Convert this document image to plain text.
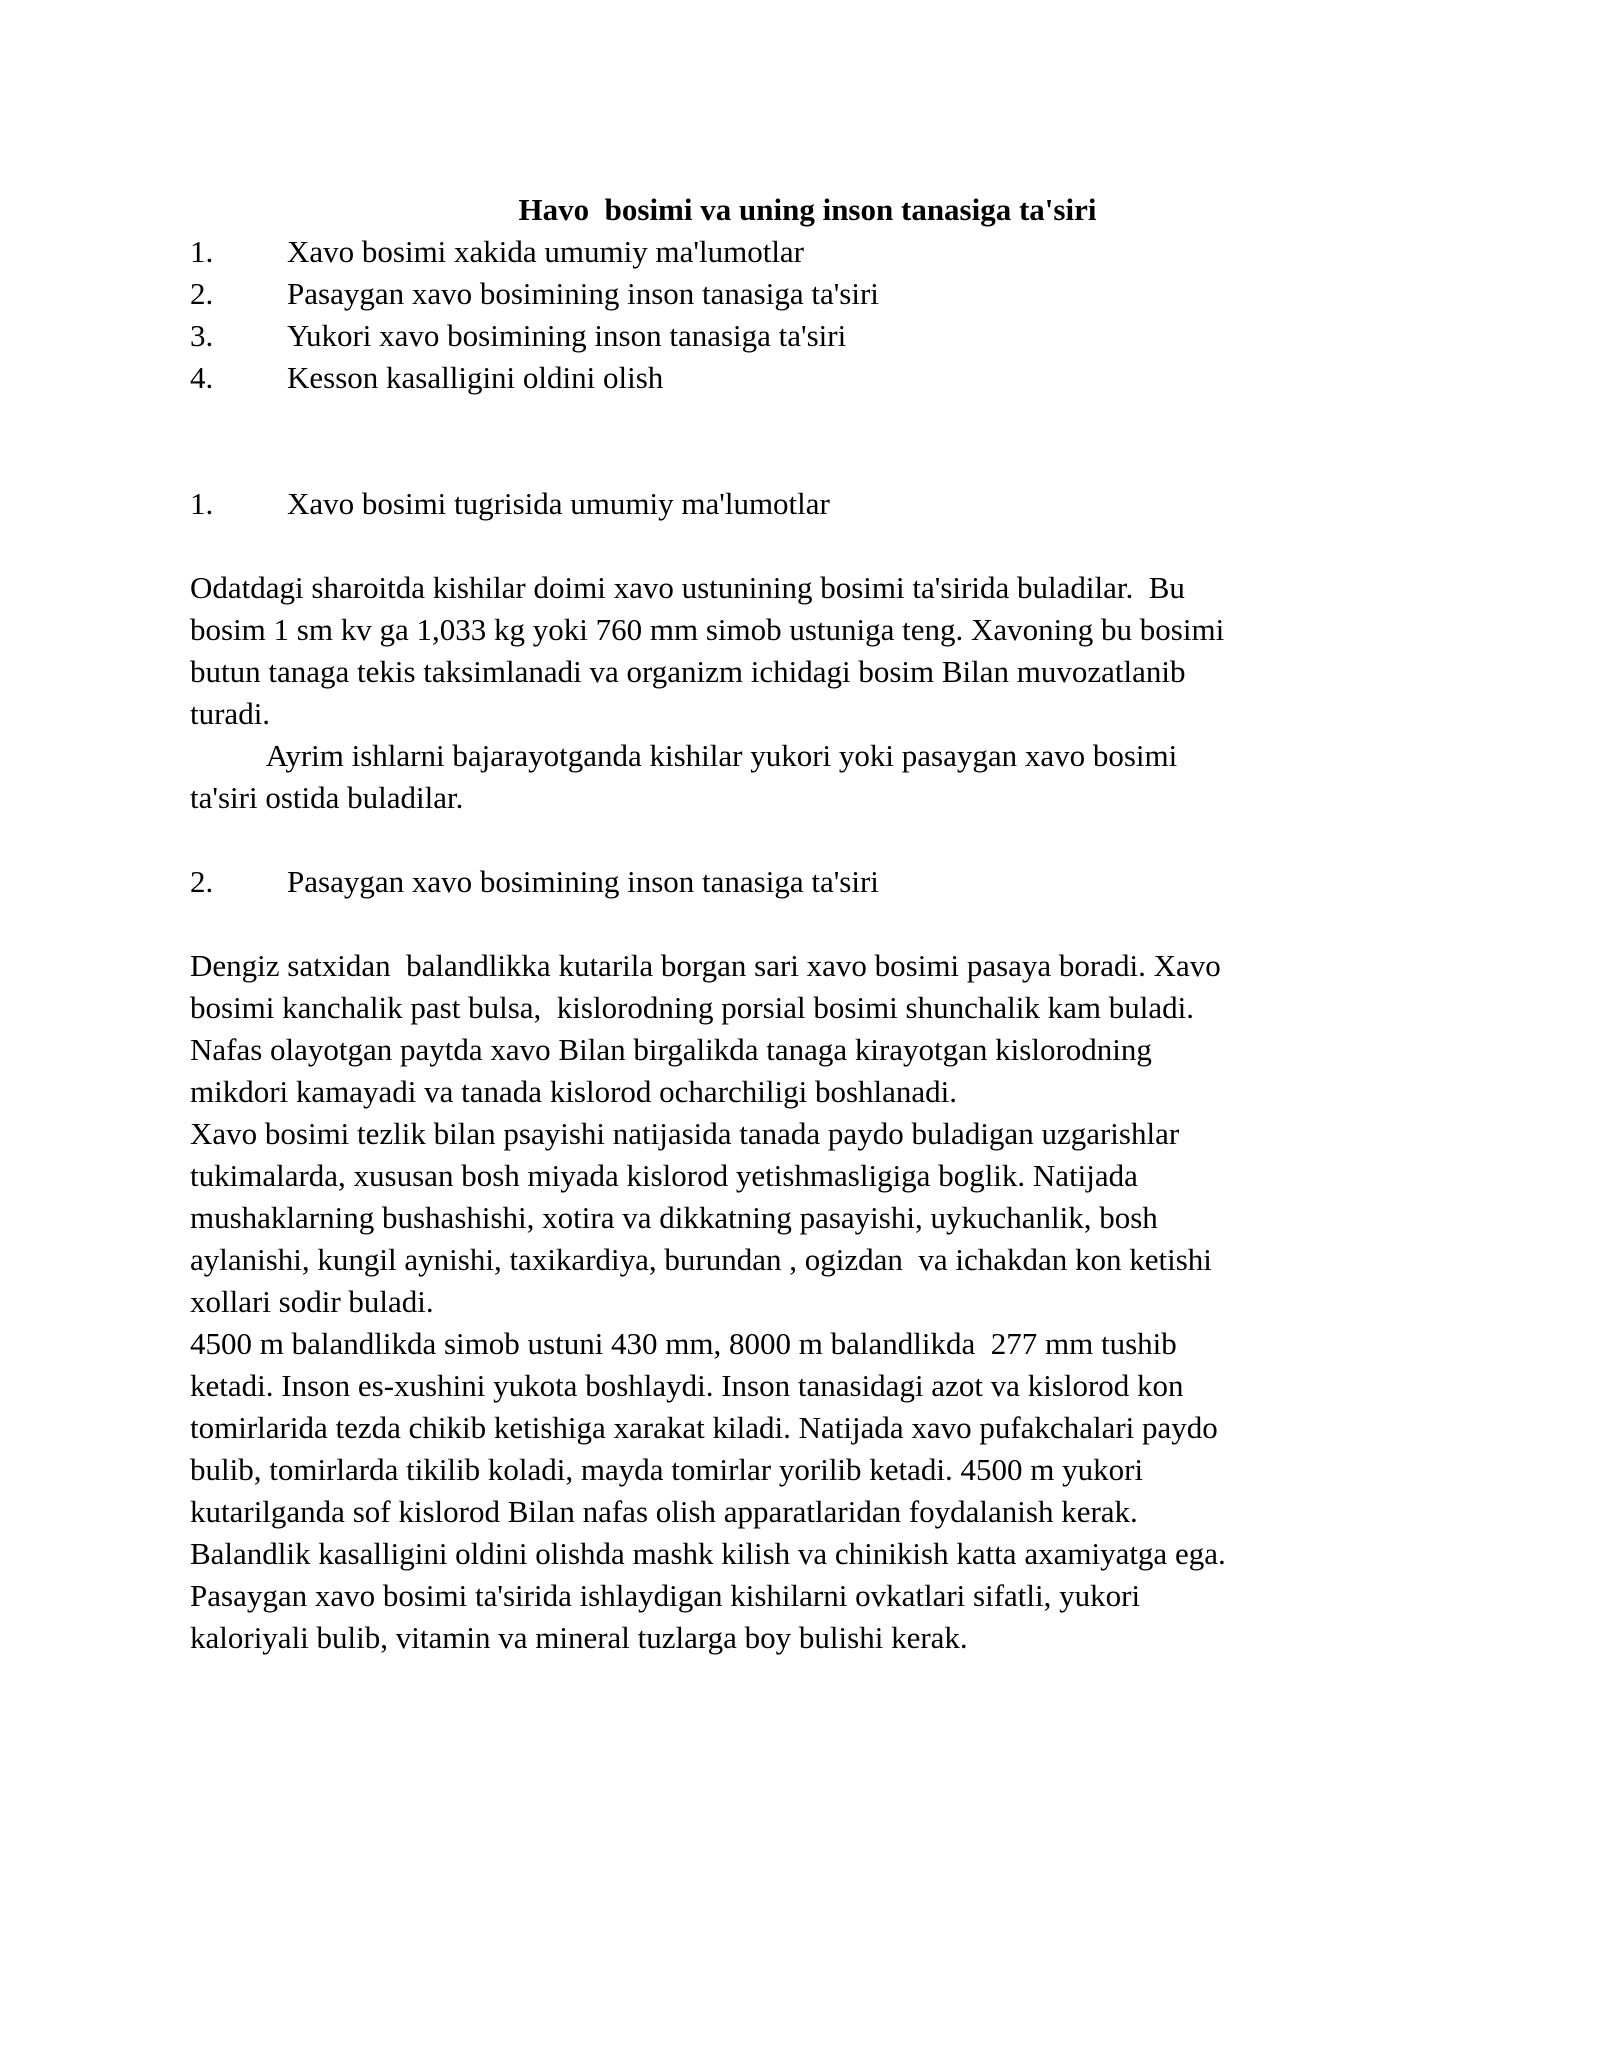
Havo  bosimi va uning inson tanasiga ta'siri
1. Xavo bosimi xakida umumiy ma'lumotlar
2. Pasaygan xavo bosimining inson tanasiga ta'siri
3. Yukori xavo bosimining inson tanasiga ta'siri
4. Kesson kasalligini oldini olish
1. Xavo bosimi tugrisida umumiy ma'lumotlar
Odatdagi sharoitda kishilar doimi xavo ustunining bosimi ta'sirida buladilar.  Bu
bosim 1 sm kv ga 1,033 kg yoki 760 mm simob ustuniga teng. Xavoning bu bosimi
butun tanaga tekis taksimlanadi va organizm ichidagi bosim Bilan muvozatlanib
turadi.
Ayrim ishlarni bajarayotganda kishilar yukori yoki pasaygan xavo bosimi
ta'siri ostida buladilar.
2. Pasaygan xavo bosimining inson tanasiga ta'siri
Dengiz satxidan  balandlikka kutarila borgan sari xavo bosimi pasaya boradi. Xavo
bosimi kanchalik past bulsa,  kislorodning porsial bosimi shunchalik kam buladi.
Nafas olayotgan paytda xavo Bilan birgalikda tanaga kirayotgan kislorodning
mikdori kamayadi va tanada kislorod ocharchiligi boshlanadi.
Xavo bosimi tezlik bilan psayishi natijasida tanada paydo buladigan uzgarishlar
tukimalarda, xususan bosh miyada kislorod yetishmasligiga boglik. Natijada
mushaklarning bushashishi, xotira va dikkatning pasayishi, uykuchanlik, bosh
aylanishi, kungil aynishi, taxikardiya, burundan , ogizdan  va ichakdan kon ketishi
xollari sodir buladi.
4500 m balandlikda simob ustuni 430 mm, 8000 m balandlikda  277 mm tushib
ketadi. Inson es-xushini yukota boshlaydi. Inson tanasidagi azot va kislorod kon
tomirlarida tezda chikib ketishiga xarakat kiladi. Natijada xavo pufakchalari paydo
bulib, tomirlarda tikilib koladi, mayda tomirlar yorilib ketadi. 4500 m yukori
kutarilganda sof kislorod Bilan nafas olish apparatlaridan foydalanish kerak.
Balandlik kasalligini oldini olishda mashk kilish va chinikish katta axamiyatga ega.
Pasaygan xavo bosimi ta'sirida ishlaydigan kishilarni ovkatlari sifatli, yukori
kaloriyali bulib, vitamin va mineral tuzlarga boy bulishi kerak.
